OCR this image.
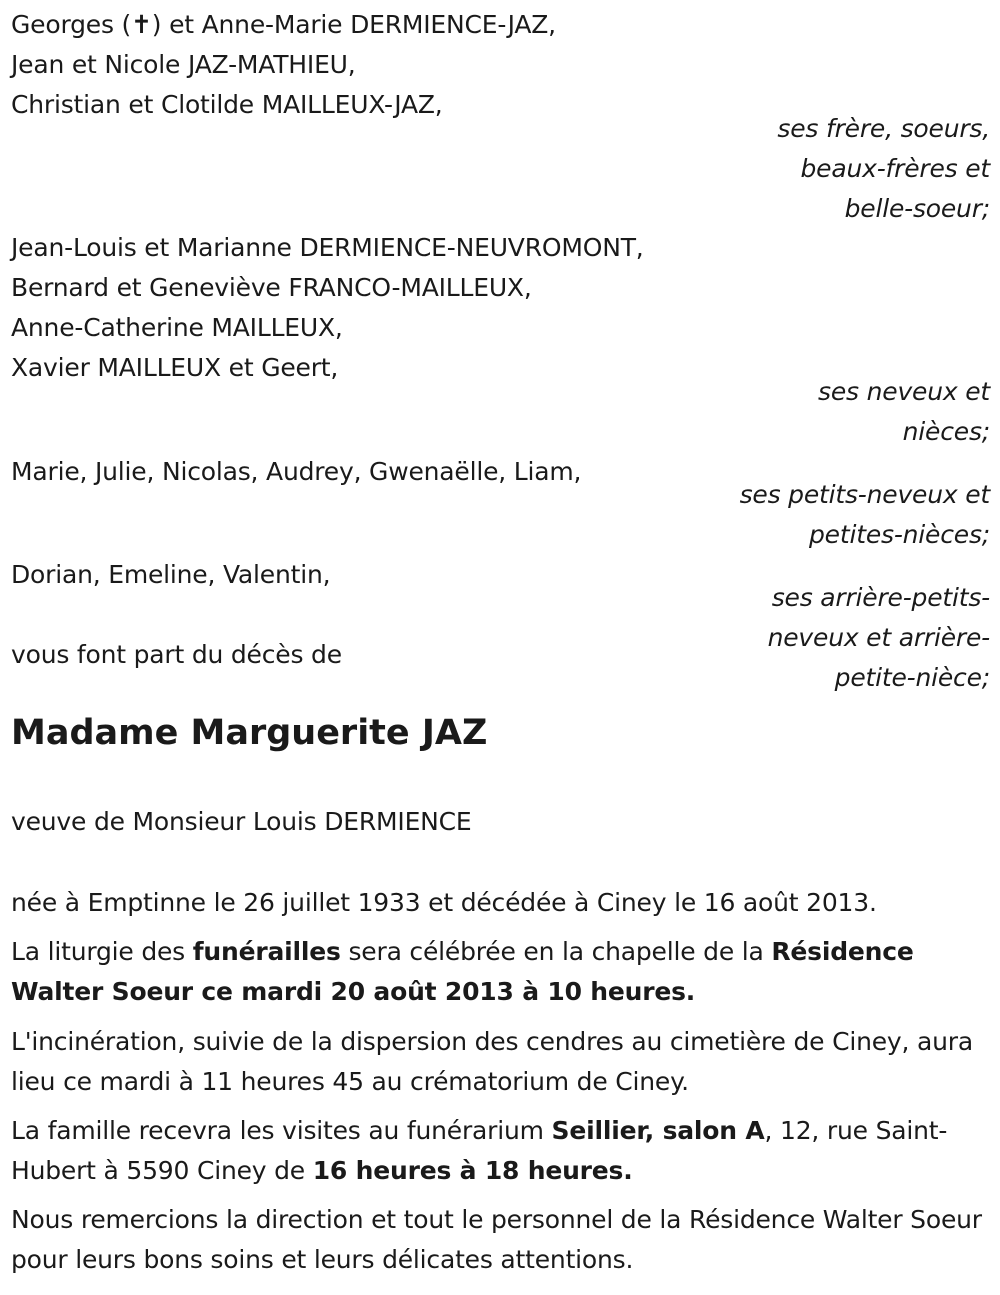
Georges (✝) et Anne-Marie DERMIENCE-JAZ,
Jean et Nicole JAZ-MATHIEU,
Christian et Clotilde MAILLEUX-JAZ,
ses frère, soeurs,
beaux-frères et
belle-soeur;
Jean-Louis et Marianne DERMIENCE-NEUVROMONT,
Bernard et Geneviève FRANCO-MAILLEUX,
Anne-Catherine MAILLEUX,
Xavier MAILLEUX et Geert,
ses neveux et
nièces;
Marie, Julie, Nicolas, Audrey, Gwenaëlle, Liam,
ses petits-neveux et
petites-nièces;
Dorian, Emeline, Valentin,
ses arrière-petits-
neveux et arrière-
petite-nièce;
vous font part du décès de
Madame Marguerite JAZ
veuve de Monsieur Louis DERMIENCE
née à Emptinne le 26 juillet 1933 et décédée à Ciney le 16 août 2013.
La liturgie des funérailles sera célébrée en la chapelle de la Résidence Walter Soeur ce mardi 20 août 2013 à 10 heures.
L'incinération, suivie de la dispersion des cendres au cimetière de Ciney, aura lieu ce mardi à 11 heures 45 au crématorium de Ciney.
La famille recevra les visites au funérarium Seillier, salon A, 12, rue Saint-Hubert à 5590 Ciney de 16 heures à 18 heures.
Nous remercions la direction et tout le personnel de la Résidence Walter Soeur pour leurs bons soins et leurs délicates attentions.
